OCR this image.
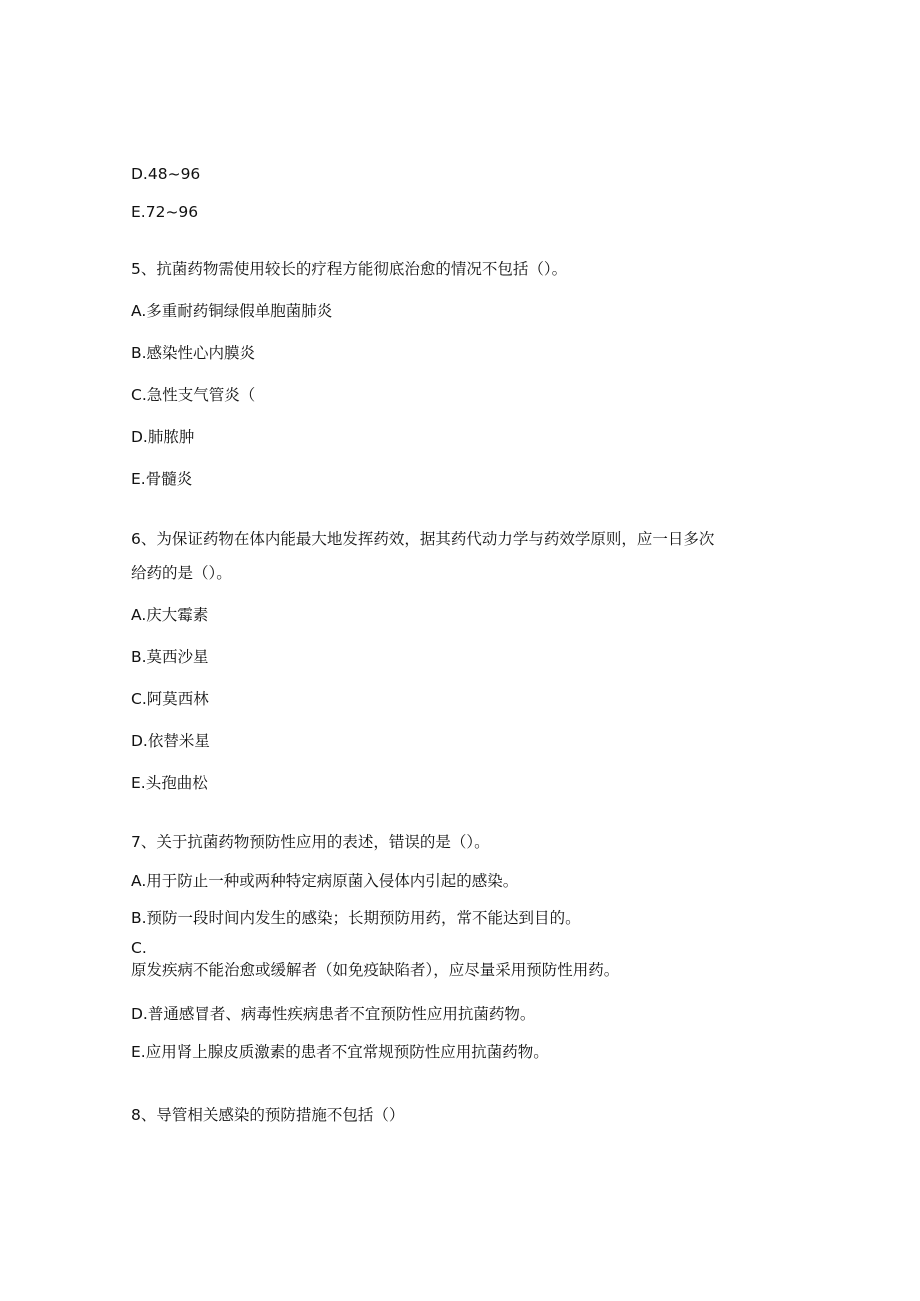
D.48~96
E.72~96
5、抗菌药物需使用较长的疗程方能彻底治愈的情况不包括（）。
A.多重耐药铜绿假单胞菌肺炎
B.感染性心内膜炎
C.急性支气管炎（
D.肺脓肿
E.骨髓炎
6、为保证药物在体内能最大地发挥药效，据其药代动力学与药效学原则，应一日多次
给药的是（）。
A.庆大霉素
B.莫西沙星
C.阿莫西林
D.依替米星
E.头孢曲松
7、关于抗菌药物预防性应用的表述，错误的是（）。
A.用于防止一种或两种特定病原菌入侵体内引起的感染。
B.预防一段时间内发生的感染；长期预防用药，常不能达到目的。
C.
原发疾病不能治愈或缓解者（如免疫缺陷者），应尽量采用预防性用药。
D.普通感冒者、病毒性疾病患者不宜预防性应用抗菌药物。
E.应用肾上腺皮质激素的患者不宜常规预防性应用抗菌药物。
8、导管相关感染的预防措施不包括（）
